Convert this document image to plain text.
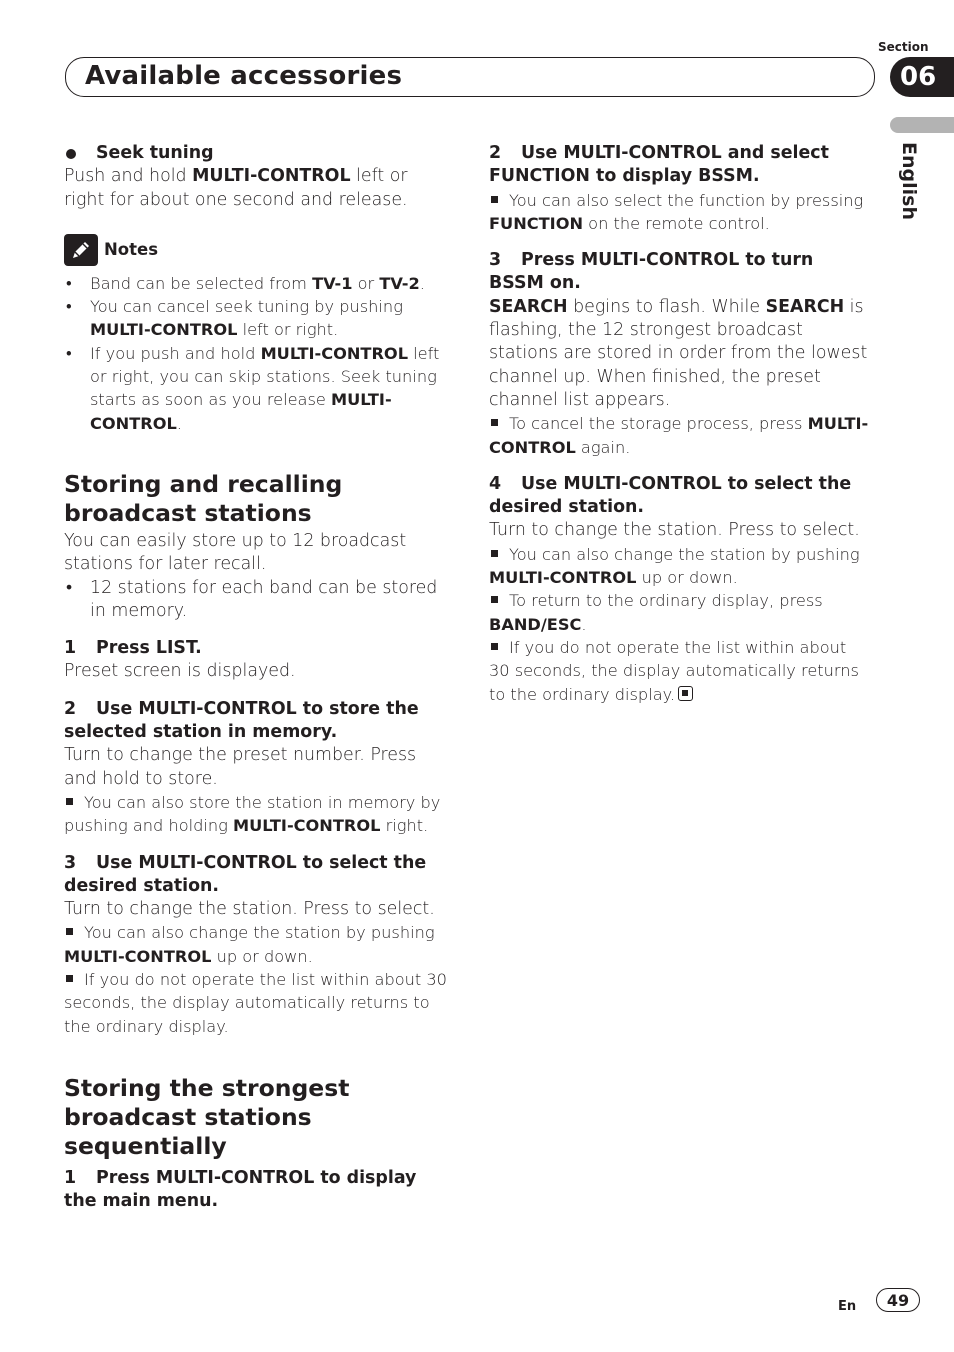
Available accessories
Section
06
English
Seek tuning

Push and hold MULTI-CONTROL left or right for about one second and release.

Notes
• Band can be selected from TV-1 or TV-2.
• You can cancel seek tuning by pushing MULTI-CONTROL left or right.
• If you push and hold MULTI-CONTROL left or right, you can skip stations. Seek tuning starts as soon as you release MULTI-CONTROL.
Storing and recalling broadcast stations

You can easily store up to 12 broadcast stations for later recall.

• 12 stations for each band can be stored in memory.

1 Press LIST.

Preset screen is displayed.

2 Use MULTI-CONTROL to store the selected station in memory.

Turn to change the preset number. Press and hold to store.

You can also store the station in memory by pushing and holding MULTI-CONTROL right.

3 Use MULTI-CONTROL to select the desired station.

Turn to change the station. Press to select.

You can also change the station by pushing MULTI-CONTROL up or down.

If you do not operate the list within about 30 seconds, the display automatically returns to the ordinary display.

Storing the strongest broadcast stations sequentially

1 Press MULTI-CONTROL to display the main menu.

2 Use MULTI-CONTROL and select FUNCTION to display BSSM.

You can also select the function by pressing FUNCTION on the remote control.

3 Press MULTI-CONTROL to turn BSSM on.

SEARCH begins to flash. While SEARCH is flashing, the 12 strongest broadcast stations are stored in order from the lowest channel up. When finished, the preset channel list appears.

To cancel the storage process, press MULTI-CONTROL again.

4 Use MULTI-CONTROL to select the desired station.

Turn to change the station. Press to select.

You can also change the station by pushing MULTI-CONTROL up or down.

To return to the ordinary display, press BAND/ESC.

If you do not operate the list within about 30 seconds, the display automatically returns to the ordinary display.

En	49
